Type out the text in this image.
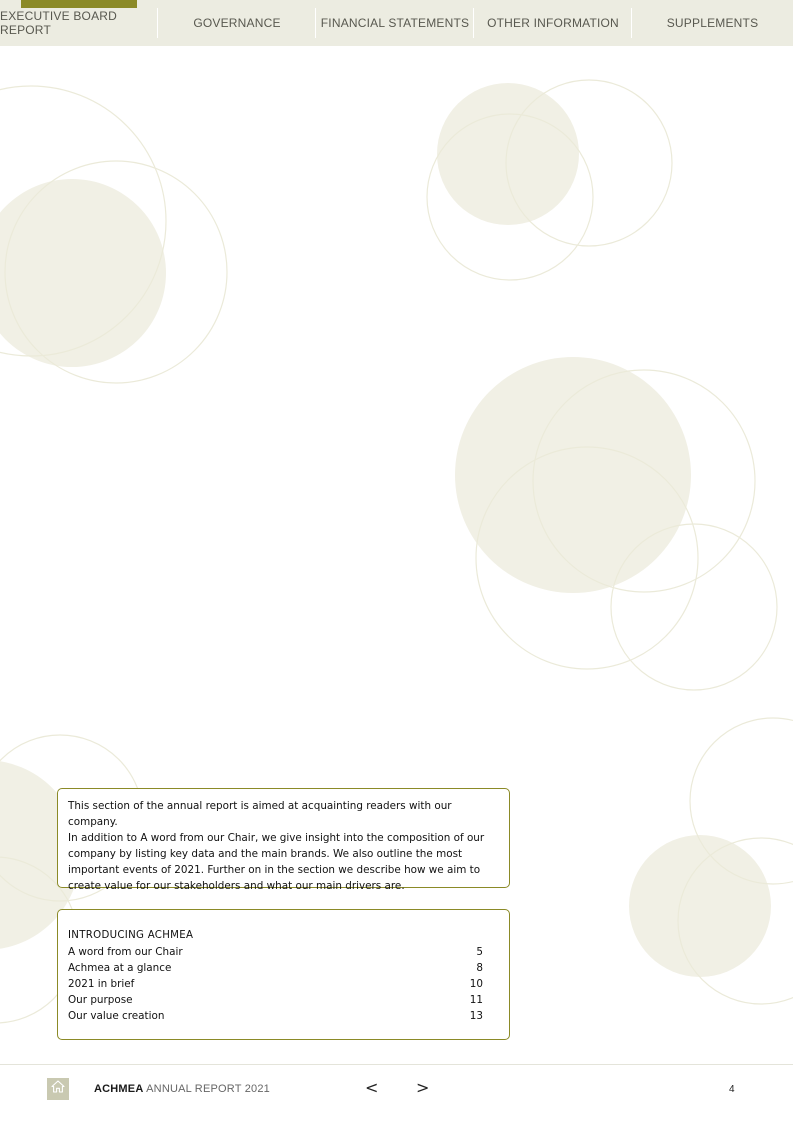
EXECUTIVE BOARD REPORT	GOVERNANCE	FINANCIAL STATEMENTS OTHER INFORMATION	SUPPLEMENTS
This section of the annual report is aimed at acquainting readers with our company.
In addition to A word from our Chair, we give insight into the composition of our
company by listing key data and the main brands. We also outline the most
important events of 2021. Further on in the section we describe how we aim to
create value for our stakeholders and what our main drivers are.
INTRODUCING ACHMEA
A word from our Chair	5
Achmea at a glance	8
2021 in brief	10
Our purpose	11
Our value creation	13
ACHMEA ANNUAL REPORT 2021	< >	4
